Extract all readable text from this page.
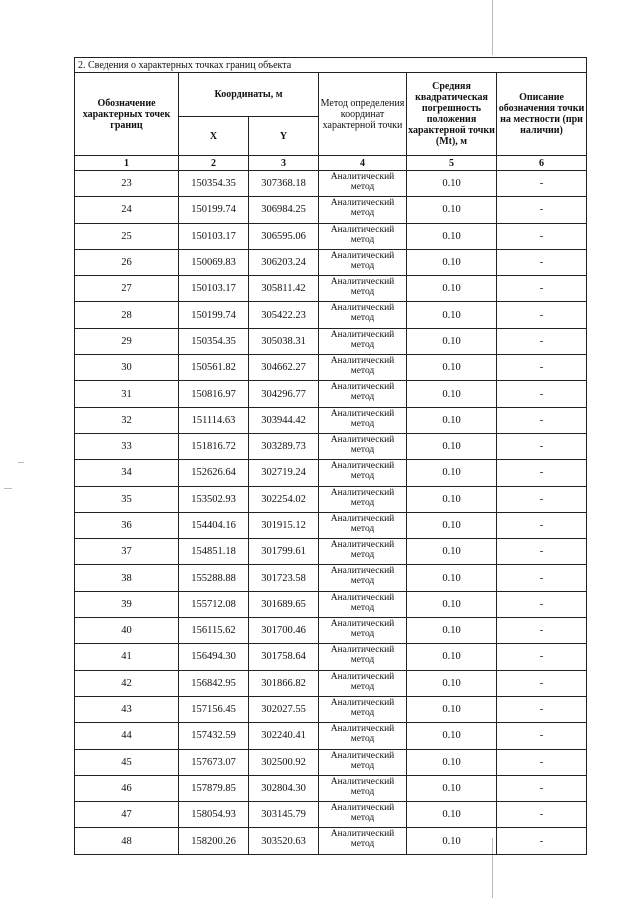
2. Сведения о характерных точках границ объекта					
Обозначение характерных точек границ	Координаты, м		Метод определения координат характерной точки	Средняя квадратическая погрешность положения характерной точки (Mt), м	Описание обозначения точки на местности (при наличии)
	X	Y			
1	2	3	4	5	6
23	150354.35	307368.18	Аналитический метод	0.10	-
24	150199.74	306984.25	Аналитический метод	0.10	-
25	150103.17	306595.06	Аналитический метод	0.10	-
26	150069.83	306203.24	Аналитический метод	0.10	-
27	150103.17	305811.42	Аналитический метод	0.10	-
28	150199.74	305422.23	Аналитический метод	0.10	-
29	150354.35	305038.31	Аналитический метод	0.10	-
30	150561.82	304662.27	Аналитический метод	0.10	-
31	150816.97	304296.77	Аналитический метод	0.10	-
32	151114.63	303944.42	Аналитический метод	0.10	-
33	151816.72	303289.73	Аналитический метод	0.10	-
34	152626.64	302719.24	Аналитический метод	0.10	-
35	153502.93	302254.02	Аналитический метод	0.10	-
36	154404.16	301915.12	Аналитический метод	0.10	-
37	154851.18	301799.61	Аналитический метод	0.10	-
38	155288.88	301723.58	Аналитический метод	0.10	-
39	155712.08	301689.65	Аналитический метод	0.10	-
40	156115.62	301700.46	Аналитический метод	0.10	-
41	156494.30	301758.64	Аналитический метод	0.10	-
42	156842.95	301866.82	Аналитический метод	0.10	-
43	157156.45	302027.55	Аналитический метод	0.10	-
44	157432.59	302240.41	Аналитический метод	0.10	-
45	157673.07	302500.92	Аналитический метод	0.10	-
46	157879.85	302804.30	Аналитический метод	0.10	-
47	158054.93	303145.79	Аналитический метод	0.10	-
48	158200.26	303520.63	Аналитический метод	0.10	-
